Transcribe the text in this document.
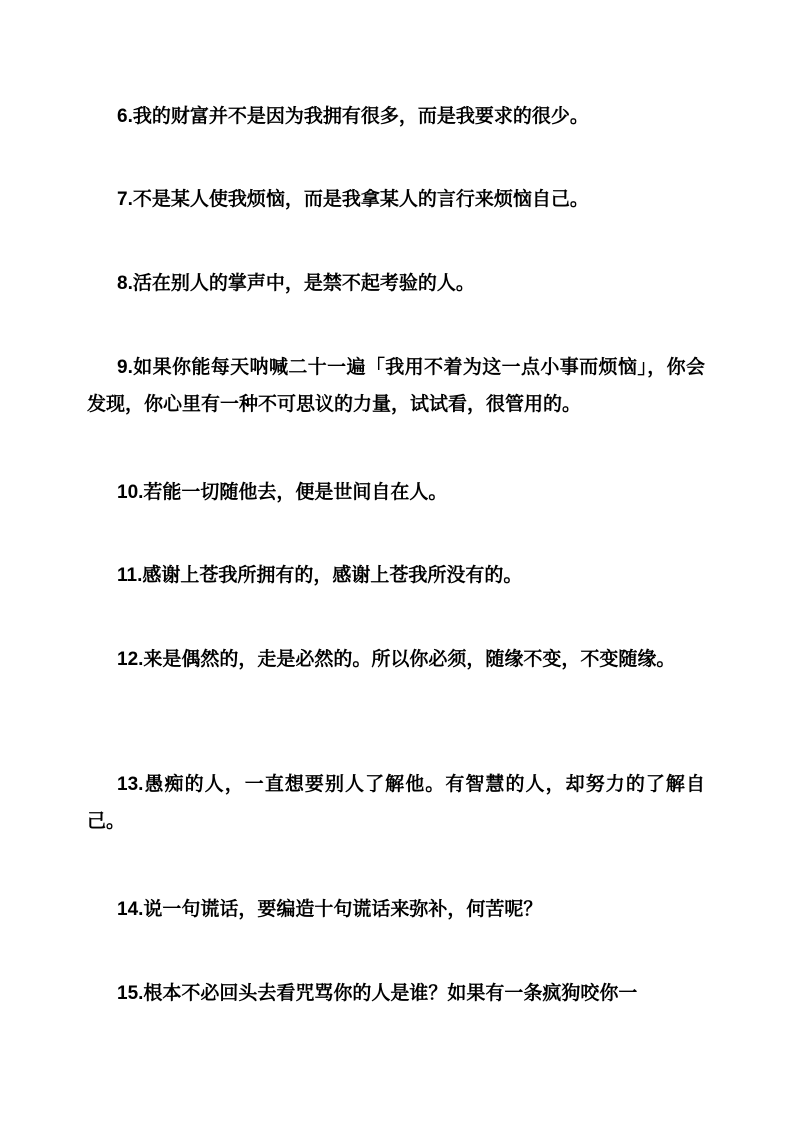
6.我的财富并不是因为我拥有很多，而是我要求的很少。

7.不是某人使我烦恼，而是我拿某人的言行来烦恼自己。

8.活在别人的掌声中，是禁不起考验的人。

9.如果你能每天呐喊二十一遍「我用不着为这一点小事而烦恼」，你会发现，你心里有一种不可思议的力量，试试看，很管用的。

10.若能一切随他去，便是世间自在人。

11.感谢上苍我所拥有的，感谢上苍我所没有的。

12.来是偶然的，走是必然的。所以你必须，随缘不变，不变随缘。

13.愚痴的人，一直想要别人了解他。有智慧的人，却努力的了解自己。

14.说一句谎话，要编造十句谎话来弥补，何苦呢？

15.根本不必回头去看咒骂你的人是谁？如果有一条疯狗咬你一
